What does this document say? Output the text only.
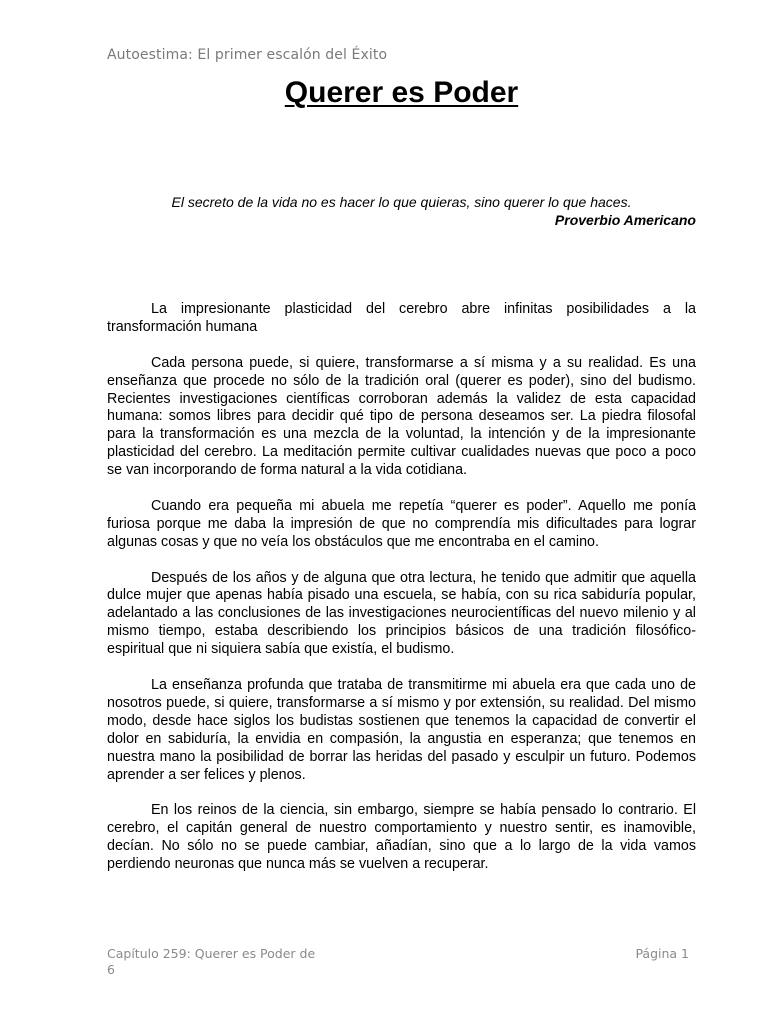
Autoestima: El primer escalón del Éxito
Querer es Poder
El secreto de la vida no es hacer lo que quieras, sino querer lo que haces.
Proverbio Americano

La impresionante plasticidad del cerebro abre infinitas posibilidades a la transformación humana

Cada persona puede, si quiere, transformarse a sí misma y a su realidad. Es una enseñanza que procede no sólo de la tradición oral (querer es poder), sino del budismo. Recientes investigaciones científicas corroboran además la validez de esta capacidad humana: somos libres para decidir qué tipo de persona deseamos ser. La piedra filosofal para la transformación es una mezcla de la voluntad, la intención y de la impresionante plasticidad del cerebro. La meditación permite cultivar cualidades nuevas que poco a poco se van incorporando de forma natural a la vida cotidiana.

Cuando era pequeña mi abuela me repetía “querer es poder”. Aquello me ponía furiosa porque me daba la impresión de que no comprendía mis dificultades para lograr algunas cosas y que no veía los obstáculos que me encontraba en el camino.

Después de los años y de alguna que otra lectura, he tenido que admitir que aquella dulce mujer que apenas había pisado una escuela, se había, con su rica sabiduría popular, adelantado a las conclusiones de las investigaciones neurocientíficas del nuevo milenio y al mismo tiempo, estaba describiendo los principios básicos de una tradición filosófico-espiritual que ni siquiera sabía que existía, el budismo.

La enseñanza profunda que trataba de transmitirme mi abuela era que cada uno de nosotros puede, si quiere, transformarse a sí mismo y por extensión, su realidad. Del mismo modo, desde hace siglos los budistas sostienen que tenemos la capacidad de convertir el dolor en sabiduría, la envidia en compasión, la angustia en esperanza; que tenemos en nuestra mano la posibilidad de borrar las heridas del pasado y esculpir un futuro. Podemos aprender a ser felices y plenos.

En los reinos de la ciencia, sin embargo, siempre se había pensado lo contrario. El cerebro, el capitán general de nuestro comportamiento y nuestro sentir, es inamovible, decían. No sólo no se puede cambiar, añadían, sino que a lo largo de la vida vamos perdiendo neuronas que nunca más se vuelven a recuperar.

Capítulo 259: Querer es Poder de 6
Página 1
